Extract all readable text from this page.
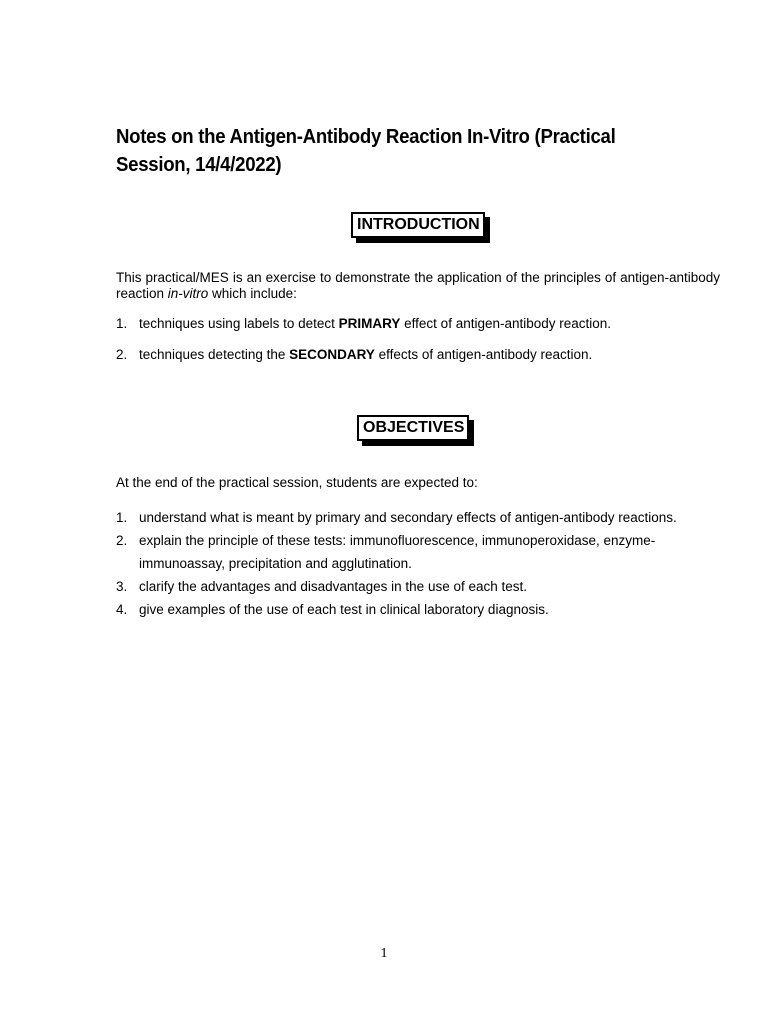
Notes on the Antigen-Antibody Reaction In-Vitro (Practical Session, 14/4/2022)
INTRODUCTION
This practical/MES is an exercise to demonstrate the application of the principles of antigen-antibody reaction in-vitro which include:
1. techniques using labels to detect PRIMARY effect of antigen-antibody reaction.
2. techniques detecting the SECONDARY effects of antigen-antibody reaction.
OBJECTIVES
At the end of the practical session, students are expected to:
1. understand what is meant by primary and secondary effects of antigen-antibody reactions.
2. explain the principle of these tests: immunofluorescence, immunoperoxidase, enzyme-immunoassay, precipitation and agglutination.
3. clarify the advantages and disadvantages in the use of each test.
4. give examples of the use of each test in clinical laboratory diagnosis.
1
